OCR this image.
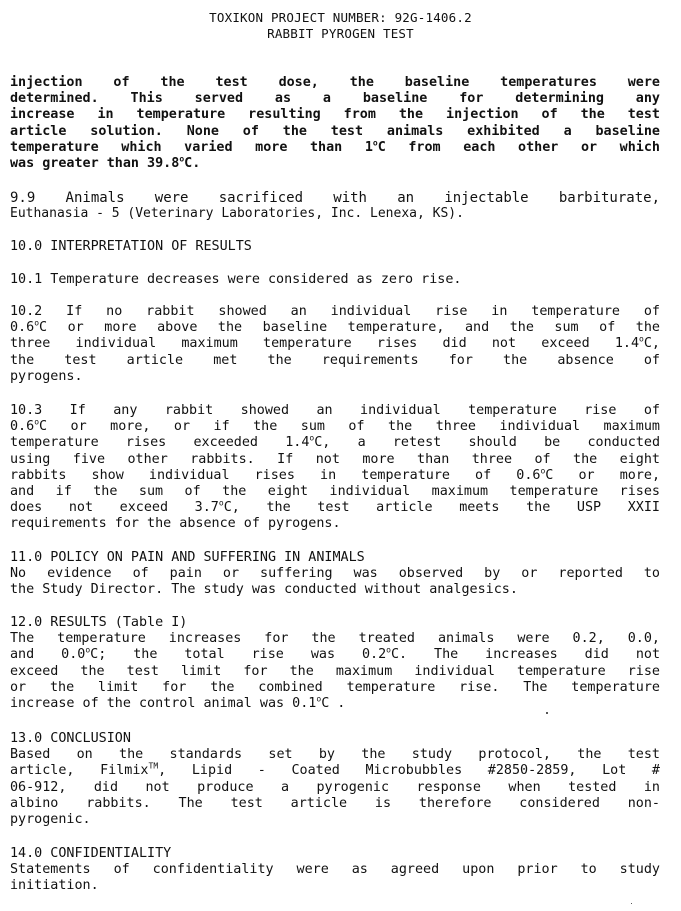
TOXIKON PROJECT NUMBER: 92G-1406.2
RABBIT PYROGEN TEST
injection of the test dose, the baseline temperatures were
determined. This served as a baseline for determining any
increase in temperature resulting from the injection of the test
article solution. None of the test animals exhibited a baseline
temperature which varied more than 1$^o$C from each other or which
was greater than 39.8$^o$C.
9.9 Animals were sacrificed with an injectable barbiturate,
Euthanasia - 5 (Veterinary Laboratories, Inc. Lenexa, KS).
10.0 INTERPRETATION OF RESULTS
10.1 Temperature decreases were considered as zero rise.
10.2 If no rabbit showed an individual rise in temperature of
0.6$^o$C or more above the baseline temperature, and the sum of the
three individual maximum temperature rises did not exceed 1.4$^o$C,
the test article met the requirements for the absence of
pyrogens.
10.3 If any rabbit showed an individual temperature rise of
0.6$^o$C or more, or if the sum of the three individual maximum
temperature rises exceeded 1.4$^o$C, a retest should be conducted
using five other rabbits. If not more than three of the eight
rabbits show individual rises in temperature of 0.6$^o$C or more,
and if the sum of the eight individual maximum temperature rises
does not exceed 3.7$^o$C, the test article meets the USP XXII
requirements for the absence of pyrogens.
11.0 POLICY ON PAIN AND SUFFERING IN ANIMALS
No evidence of pain or suffering was observed by or reported to
the Study Director. The study was conducted without analgesics.
12.0 RESULTS (Table I)
The temperature increases for the treated animals were 0.2, 0.0,
and 0.0$^o$C; the total rise was 0.2$^o$C. The increases did not
exceed the test limit for the maximum individual temperature rise
or the limit for the combined temperature rise. The temperature
increase of the control animal was 0.1$^o$C .
13.0 CONCLUSION
Based on the standards set by the study protocol, the test
article, Filmix™, Lipid - Coated Microbubbles #2850-2859, Lot #
06-912, did not produce a pyrogenic response when tested in
albino rabbits. The test article is therefore considered non-
pyrogenic.
14.0 CONFIDENTIALITY
Statements of confidentiality were as agreed upon prior to study
initiation.
